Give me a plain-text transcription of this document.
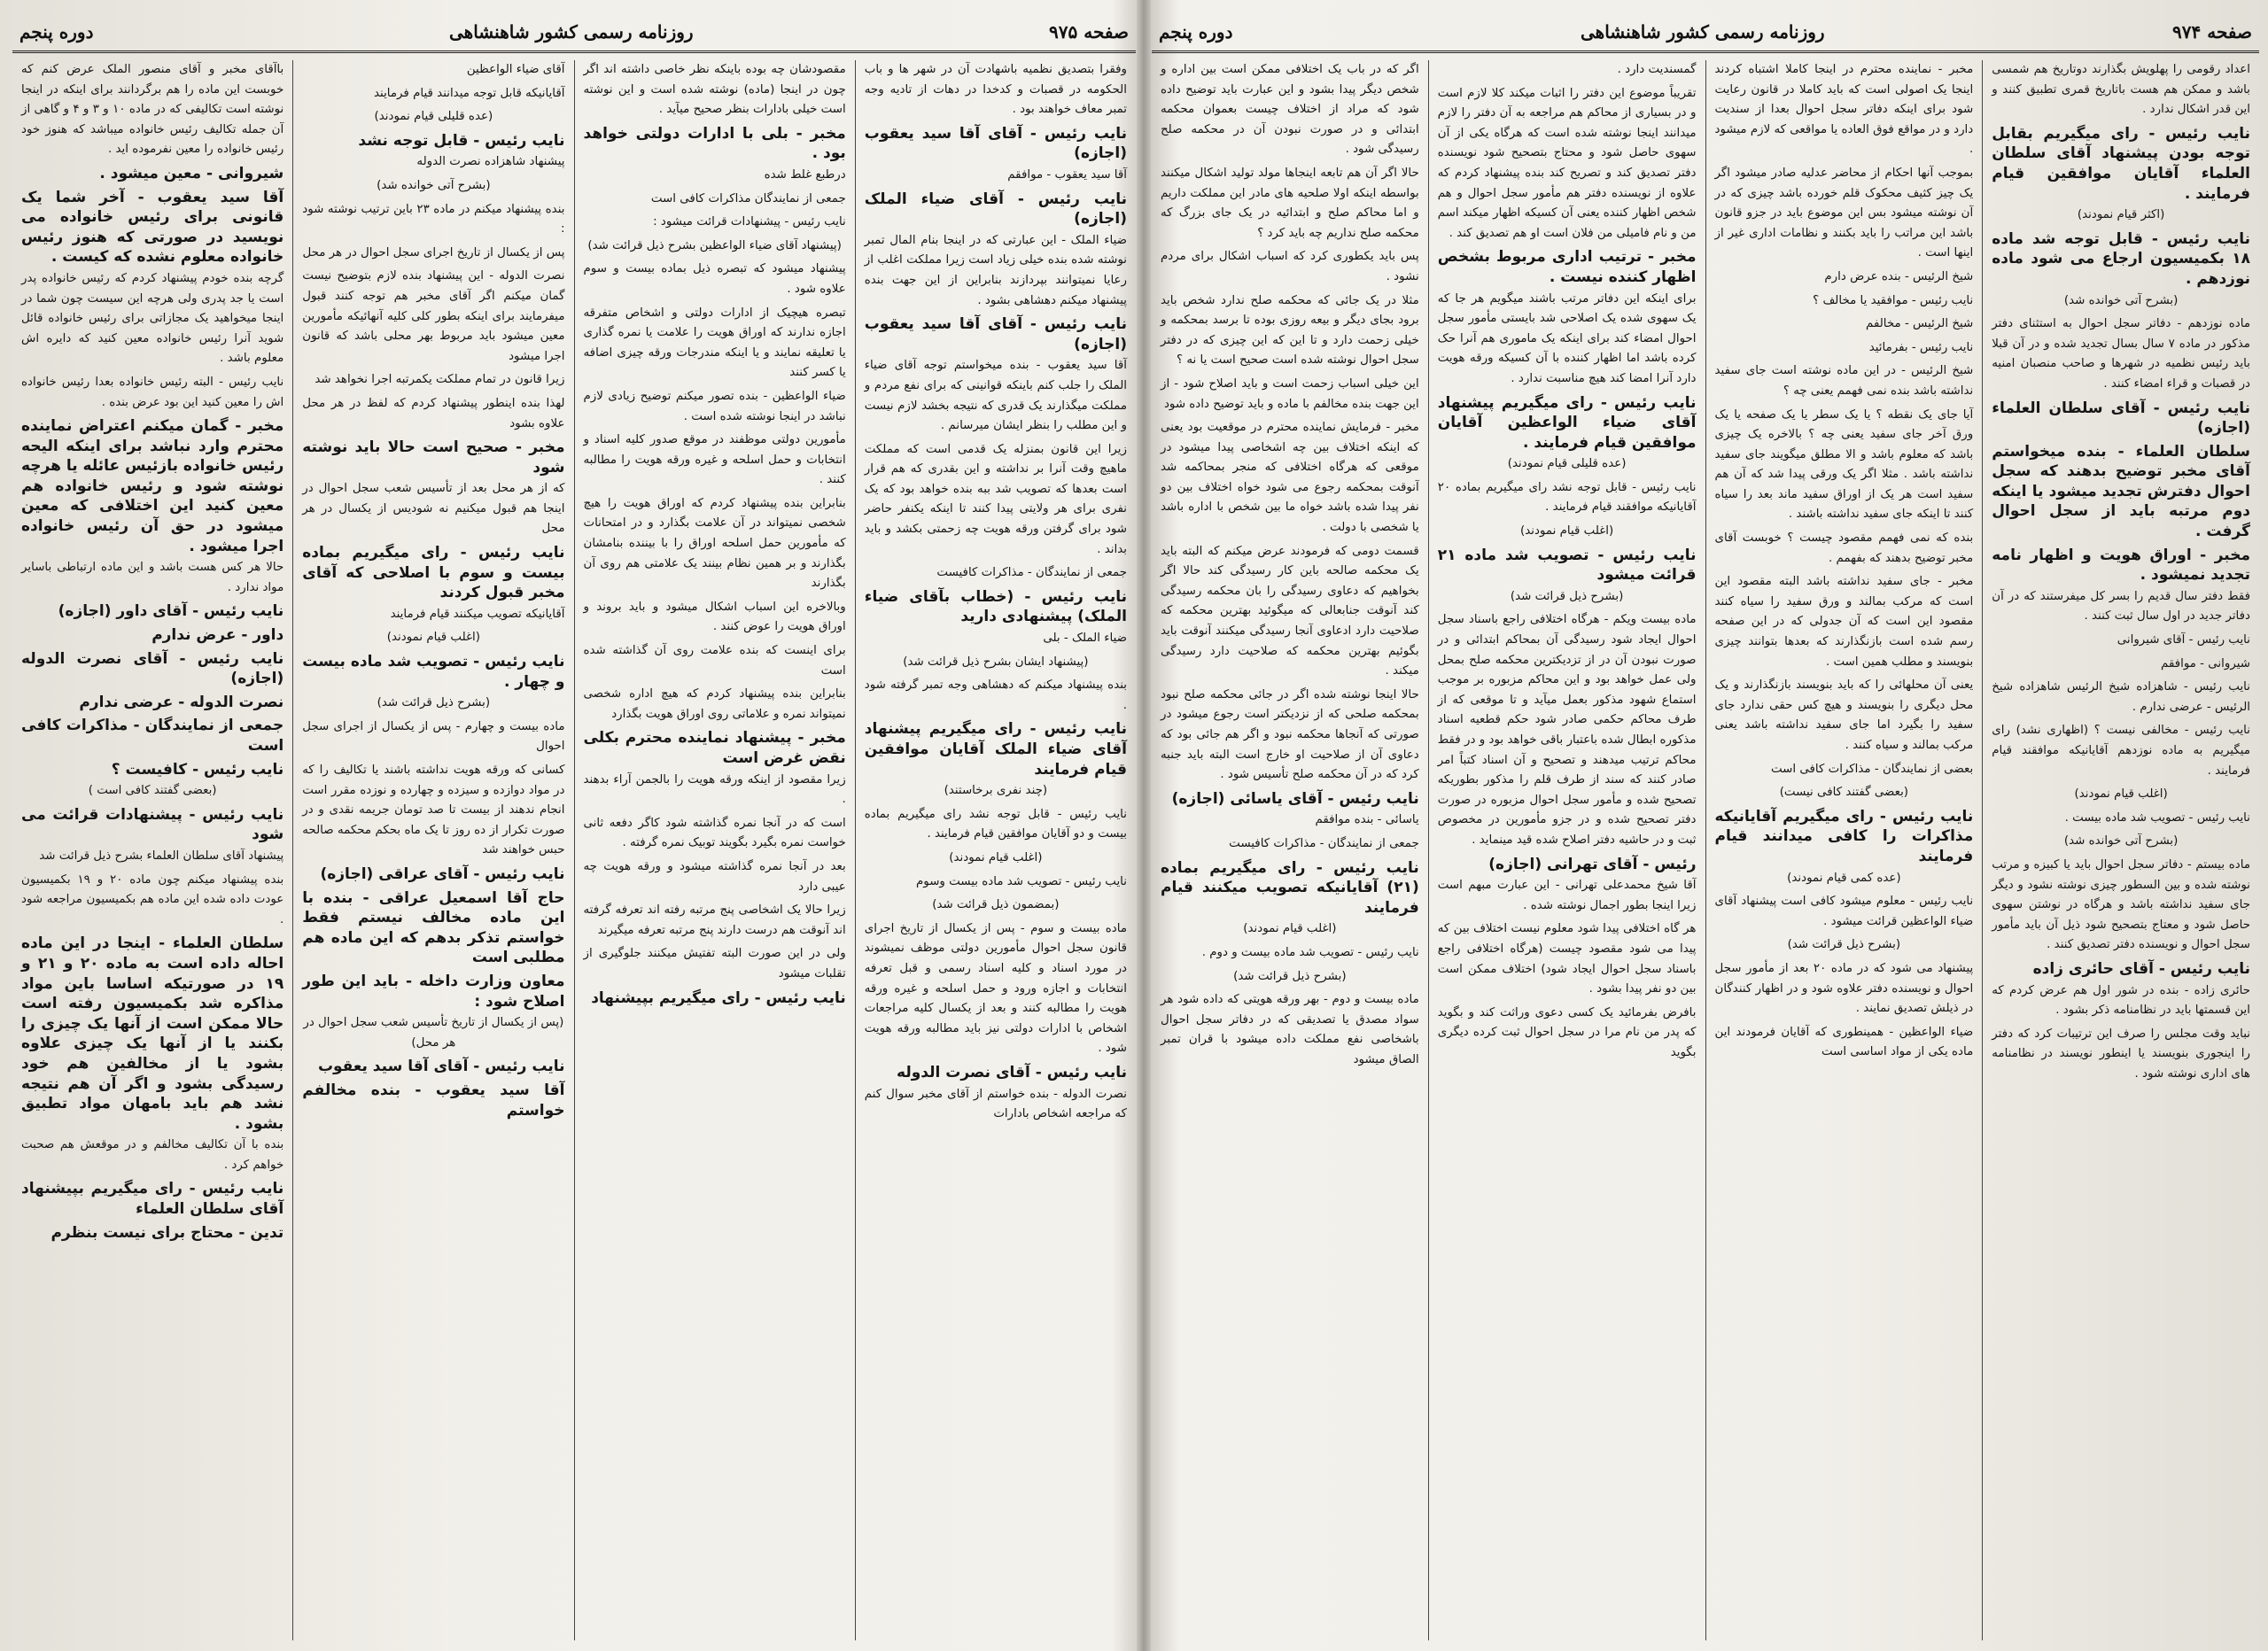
صفحه ۹۷۵
روزنامه رسمی کشور شاهنشاهی
دوره پنجم

وفقرا بتصدیق نظمیه باشهادت آن در شهر ها و باب الحکومه در قصبات و کدخدا در دهات از تادیه وجه تمبر معاف خواهند بود .

نایب رئیس - آقای آقا سید یعقوب (اجازه)

آقا سید یعقوب - موافقم

نایب رئیس - آقای ضیاء الملک (اجازه)

ضیاء الملک - این عبارتی که در اینجا بنام المال تمبر نوشته شده بنده خیلی زیاد است زیرا مملکت اغلب از رعایا نمیتوانند بپردازند بنابراین از این جهت بنده پیشنهاد میکنم دهشاهی بشود .

نایب رئیس - آقای آقا سید یعقوب (اجازه)

آقا سید یعقوب - بنده میخواستم توجه آقای ضیاء الملک را جلب کنم باینکه قوانینی که برای نفع مردم و مملکت میگذارند یک قدری که نتیجه بخشد لازم نیست و این مطلب را بنظر ایشان میرسانم .

زیرا این قانون بمنزله یک قدمی است که مملکت ماهیچ وقت آنرا بر نداشته و این بقدری که هم قرار است بعدها که تصویب شد ببه بنده خواهد بود که یک نفری برای هر ولایتی پیدا کنند تا اینکه یکنفر حاضر شود برای گرفتن ورقه هویت چه زحمتی بکشد و باید بداند .

جمعی از نمایندگان - مذاکرات کافیست

نایب رئیس - (خطاب بآقای ضیاء الملک) پیشنهادی دارید

ضیاء الملک - بلی

(پیشنهاد ایشان بشرح ذیل قرائت شد)

بنده پیشنهاد میکنم که دهشاهی وجه تمبر گرفته شود .

نایب رئیس - رای میگیریم پیشنهاد آقای ضیاء الملک آقایان موافقین قیام فرمایند

(چند نفری برخاستند)

نایب رئیس - قابل توجه نشد رای میگیریم بماده بیست و دو آقایان موافقین قیام فرمایند .

(اغلب قیام نمودند)

نایب رئیس - تصویب شد ماده بیست وسوم

(بمضمون ذیل قرائت شد)

ماده بیست و سوم - پس از یکسال از تاریخ اجرای قانون سجل احوال مأمورین دولتی موظف نمیشوند در مورد اسناد و کلیه اسناد رسمی و قبل تعرفه انتخابات و اجازه ورود و حمل اسلحه و غیره ورقه هویت را مطالبه کنند و بعد از یکسال کلیه مراجعات اشخاص با ادارات دولتی نیز باید مطالبه ورقه هویت شود .

نایب رئیس - آقای نصرت الدوله

نصرت الدوله - بنده خواستم از آقای مخبر سوال کنم که مراجعه اشخاص بادارات

مقصودشان چه بوده باینکه نظر خاصی داشته اند اگر چون در اینجا (ماده) نوشته شده است و این نوشته است خیلی بادارات بنظر صحیح میآید .

مخبر - بلی با ادارات دولتی خواهد بود .

درطبع غلط شده

جمعی از نمایندگان مذاکرات کافی است

نایب رئیس - پیشنهادات قرائت میشود :

(پیشنهاد آقای ضیاء الواعظین بشرح ذیل قرائت شد)

پیشنهاد میشود که تبصره ذیل بماده بیست و سوم علاوه شود .

تبصره هیچیک از ادارات دولتی و اشخاص متفرقه اجازه ندارند که اوراق هویت را علامت یا نمره گذاری یا تعلیقه نمایند و یا اینکه مندرجات ورقه چیزی اضافه یا کسر کنند

ضیاء الواعظین - بنده تصور میکنم توضیح زیادی لازم نباشد در اینجا نوشته شده است .

مأمورین دولتی موظفند در موقع صدور کلیه اسناد و انتخابات و حمل اسلحه و غیره ورقه هویت را مطالبه کنند .

بنابراین بنده پیشنهاد کردم که اوراق هویت را هیچ شخصی نمیتواند در آن علامت بگذارد و در امتحانات که مأمورین حمل اسلحه اوراق را با بیننده بنامشان بگذارند و بر همین نظام بینند یک علامتی هم روی آن بگذارند

وبالاخره این اسباب اشکال میشود و باید بروند و اوراق هویت را عوض کنند .

برای اینست که بنده علامت روی آن گذاشته شده است

بنابراین بنده پیشنهاد کردم که هیچ اداره شخصی نمیتواند نمره و علاماتی روی اوراق هویت بگذارد

مخبر - پیشنهاد نماینده محترم بکلی نقض غرض است

زیرا مقصود از اینکه ورقه هویت را بالجمن آراء بدهند .

است که در آنجا نمره گذاشته شود کاگر دفعه ثانی خواست نمره بگیرد بگویند توبیک نمره گرفته .

بعد در آنجا نمره گذاشته میشود و ورقه هویت چه عیبی دارد

زیرا حالا یک اشخاصی پنج مرتبه رفته اند تعرفه گرفته اند آنوقت هم درست دارند پنج مرتبه تعرفه میگیرند

ولی در این صورت البته تفتیش میکنند جلوگیری از تقلبات میشود

نایب رئیس - رای میگیریم بپیشنهاد

آقای ضیاء الواعظین

آقایانیکه قابل توجه میدانند قیام فرمایند

(عده قلیلی قیام نمودند)

نایب رئیس - قابل توجه نشد

پیشنهاد شاهزاده نصرت الدوله

(بشرح آتی خوانده شد)

بنده پیشنهاد میکنم در ماده ۲۳ باین ترتیب نوشته شود :

پس از یکسال از تاریخ اجرای سجل احوال در هر محل

نصرت الدوله - این پیشنهاد بنده لازم بتوضیح نیست گمان میکنم اگر آقای مخبر هم توجه کنند قبول میفرمایند برای اینکه بطور کلی کلیه آنهائیکه مأمورین معین میشود باید مربوط بهر محلی باشد که قانون اجرا میشود

زیرا قانون در تمام مملکت یکمرتبه اجرا نخواهد شد

لهذا بنده اینطور پیشنهاد کردم که لفظ در هر محل علاوه بشود

مخبر - صحیح است حالا باید نوشته شود

که از هر محل بعد از تأسیس شعب سجل احوال در اینجا هم قبول میکنیم نه شودیس از یکسال در هر محل

نایب رئیس - رای میگیریم بماده بیست و سوم با اصلاحی که آقای مخبر قبول کردند

آقایانیکه تصویب میکنند قیام فرمایند

(اغلب قیام نمودند)

نایب رئیس - تصویب شد ماده بیست و چهار .

(بشرح ذیل قرائت شد)

ماده بیست و چهارم - پس از یکسال از اجرای سجل احوال

کسانی که ورقه هویت نداشته باشند یا تکالیف را که در مواد دوازده و سیزده و چهارده و نوزده مقرر است انجام ندهند از بیست تا صد تومان جریمه نقدی و در صورت تکرار از ده روز تا یک ماه بحکم محکمه صالحه حبس خواهند شد

نایب رئیس - آقای عراقی (اجازه)

حاج آقا اسمعیل عراقی - بنده با این ماده مخالف نیستم فقط خواستم تذکر بدهم که این ماده هم مطلبی است

معاون وزارت داخله - باید این طور اصلاح شود :

(پس از یکسال از تاریخ تأسیس شعب سجل احوال در هر محل)

نایب رئیس - آقای آقا سید یعقوب

آقا سید یعقوب - بنده مخالفم خواستم

باآقای مخبر و آقای منصور الملک عرض کنم که خوبست این ماده را هم برگردانند برای اینکه در اینجا نوشته است تکالیفی که در ماده ۱۰ و ۳ و ۴ و گاهی از آن جمله تکالیف رئیس خانواده میباشد که هنوز خود رئیس خانواده را معین نفرموده اید .

شیروانی - معین میشود .

آقا سید یعقوب - آخر شما یک قانونی برای رئیس خانواده می نویسید در صورتی که هنوز رئیس خانواده معلوم نشده که کیست .

گرچه بنده خودم پیشنهاد کردم که رئیس خانواده پدر است یا جد پدری ولی هرچه این سیست چون شما در اینجا میخواهید یک مجازاتی برای رئیس خانواده قائل شوید آنرا رئیس خانواده معین کنید که دایره اش معلوم باشد .

نایب رئیس - البته رئیس خانواده بعدا رئیس خانواده اش را معین کنید این بود عرض بنده .

مخبر - گمان میکنم اعتراض نماینده محترم وارد نباشد برای اینکه الیحه رئیس خانواده بازئیس عائله یا هرچه نوشته شود و رئیس خانواده هم معین کنید این اختلافی که معین میشود در حق آن رئیس خانواده اجرا میشود .

حالا هر کس هست باشد و این ماده ارتباطی باسایر مواد ندارد .

نایب رئیس - آقای داور (اجازه)

داور - عرض ندارم

نایب رئیس - آقای نصرت الدوله (اجازه)

نصرت الدوله - عرضی ندارم

جمعی از نمایندگان - مذاکرات کافی است

نایب رئیس - کافیست ؟

(بعضی گفتند کافی است )

نایب رئیس - پیشنهادات قرائت می شود

پیشنهاد آقای سلطان العلماء بشرح ذیل قرائت شد

بنده پیشنهاد میکنم چون ماده ۲۰ و ۱۹ بکمیسیون عودت داده شده این ماده هم بکمیسیون مراجعه شود .

سلطان العلماء - اینجا در این ماده احاله داده است به ماده ۲۰ و ۲۱ و ۱۹ در صورتیکه اساسا باین مواد مذاکره شد بکمیسیون رفته است حالا ممکن است از آنها یک چیزی را بکنند یا از آنها یک چیزی علاوه بشود یا از مخالفین هم خود رسیدگی بشود و اگر آن هم نتیجه نشد هم باید بامهان مواد تطبیق بشود .

بنده با آن تکالیف مخالفم و در موقعش هم صحبت خواهم کرد .

نایب رئیس - رای میگیریم بپیشنهاد آقای سلطان العلماء

تدین - محتاج برای نیست بنظرم

صفحه ۹۷۴
روزنامه رسمی کشور شاهنشاهی
دوره پنجم

اعداد رقومی را پهلویش بگذارند دوتاریخ هم شمسی باشد و ممکن هم هست باتاریخ قمری تطبیق کنند و این قدر اشکال ندارد .

نایب رئیس - رای میگیریم بقابل توجه بودن پیشنهاد آقای سلطان العلماء آقایان موافقین قیام فرمایند .

(اکثر قیام نمودند)

نایب رئیس - قابل توجه شد ماده ۱۸ بکمیسیون ارجاع می شود ماده نوزدهم .

(بشرح آتی خوانده شد)

ماده نوزدهم - دفاتر سجل احوال به استثنای دفتر مذکور در ماده ۷ سال بسال تجدید شده و در آن قبلا باید رئیس نظمیه در شهرها و صاحب منصبان امنیه در قصبات و قراء امضاء کنند .

نایب رئیس - آقای سلطان العلماء (اجازه)

سلطان العلماء - بنده میخواستم آقای مخبر توضیح بدهند که سجل احوال دفترش تجدید میشود یا اینکه دوم مرتبه باید از سجل احوال گرفت .

مخبر - اوراق هویت و اظهار نامه تجدید نمیشود .

فقط دفتر سال قدیم را بسر کل میفرستند که در آن دفاتر جدید در اول سال ثبت کنند .

نایب رئیس - آقای شیروانی

شیروانی - موافقم

نایب رئیس - شاهزاده شیخ الرئیس شاهزاده شیخ الرئیس - عرضی ندارم .

نایب رئیس - مخالفی نیست ؟ (اظهاری نشد) رای میگیریم به ماده نوزدهم آقایانیکه موافقند قیام فرمایند .

(اغلب قیام نمودند)

نایب رئیس - تصویب شد ماده بیست .

(بشرح آتی خوانده شد)

ماده بیستم - دفاتر سجل احوال باید یا کبیزه و مرتب نوشته شده و بین السطور چیزی نوشته نشود و دیگر جای سفید نداشته باشد و هرگاه در نوشتن سهوی حاصل شود و معتاج بتصحیح شود ذیل آن باید مأمور سجل احوال و نویسنده دفتر تصدیق کنند .

نایب رئیس - آقای حائری زاده

حائری زاده - بنده در شور اول هم عرض کردم که این قسمتها باید در نظامنامه ذکر بشود .

نباید وقت مجلس را صرف این ترتیبات کرد که دفتر را اینجوری بنویسند یا اینطور نویسند در نظامنامه های اداری نوشته شود .

مخبر - نماینده محترم در اینجا کاملا اشتباه کردند اینجا یک اصولی است که باید کاملا در قانون رعایت شود برای اینکه دفاتر سجل احوال بعدا از سندیت دارد و در مواقع فوق العاده یا مواقعی که لازم میشود .

بموجب آنها احکام از محاضر عدلیه صادر میشود اگر یک چیز کثیف محکوک قلم خورده باشد چیزی که در آن نوشته میشود بس این موضوع باید در جزو قانون باشد این مراتب را باید بکنند و نظامات اداری غیر از اینها است .

شیخ الرئیس - بنده عرض دارم

نایب رئیس - موافقید یا مخالف ؟

شیخ الرئیس - مخالفم

نایب رئیس - بفرمائید

شیخ الرئیس - در این ماده نوشته است جای سفید نداشته باشد بنده نمی فهمم یعنی چه ؟

آیا جای یک نقطه ؟ یا یک سطر یا یک صفحه یا یک ورق آخر جای سفید یعنی چه ؟ بالاخره یک چیزی باشد که معلوم باشد و الا مطلق میگویند جای سفید نداشته باشد . مثلا اگر یک ورقی پیدا شد که آن هم سفید است هر یک از اوراق سفید ماند بعد را سیاه کنند تا اینکه جای سفید نداشته باشند .

بنده که نمی فهمم مقصود چیست ؟ خوبست آقای مخبر توضیح بدهند که بفهمم .

مخبر - جای سفید نداشته باشد البته مقصود این است که مرکب بمالند و ورق سفید را سیاه کنند مقصود این است که آن جدولی که در این صفحه رسم شده است بازنگذارند که بعدها بتوانند چیزی بنویسند و مطلب همین است .

یعنی آن محلهائی را که باید بنویسند بازنگذارند و یک محل دیگری را بنویسند و هیچ کس حقی ندارد جای سفید را بگیرد اما جای سفید نداشته باشد یعنی مرکب بمالند و سیاه کنند .

بعضی از نمایندگان - مذاکرات کافی است

(بعضی گفتند کافی نیست)

نایب رئیس - رای میگیریم آقایانیکه مذاکرات را کافی میدانند قیام فرمایند

(عده کمی قیام نمودند)

نایب رئیس - معلوم میشود کافی است پیشنهاد آقای ضیاء الواعظین قرائت میشود .

(بشرح ذیل قرائت شد)

پیشنهاد می شود که در ماده ۲۰ بعد از مأمور سجل احوال و نویسنده دفتر علاوه شود و در اظهار کنندگان در ذیلش تصدیق نمایند .

ضیاء الواعظین - همینطوری که آقایان فرمودند این ماده یکی از مواد اساسی است

گمسندیت دارد .

تقریباً موضوع این دفتر را اثبات میکند کلا لازم است و در بسیاری از محاکم هم مراجعه به آن دفتر را لازم میدانند اینجا نوشته شده است که هرگاه یکی از آن سهوی حاصل شود و محتاج بتصحیح شود نویسنده دفتر تصدیق کند و تصریح کند بنده پیشنهاد کردم که علاوه از نویسنده دفتر هم مأمور سجل احوال و هم شخص اظهار کننده یعنی آن کسیکه اظهار میکند اسم من و نام فامیلی من فلان است او هم تصدیق کند .

مخبر - ترتیب اداری مربوط بشخص اظهار کننده نیست .

برای اینکه این دفاتر مرتب باشند میگویم هر جا که یک سهوی شده یک اصلاحی شد بایستی مأمور سجل احوال امضاء کند برای اینکه یک ماموری هم آنرا حک کرده باشد اما اظهار کننده با آن کسیکه ورقه هویت دارد آنرا امضا کند هیچ مناسبت ندارد .

نایب رئیس - رای میگیریم پیشنهاد آقای ضیاء الواعظین آقایان موافقین قیام فرمایند .

(عده قلیلی قیام نمودند)

نایب رئیس - قابل توجه نشد رای میگیریم بماده ۲۰ آقایانیکه موافقند قیام فرمایند .

(اغلب قیام نمودند)

نایب رئیس - تصویب شد ماده ۲۱ قرائت میشود

(بشرح ذیل قرائت شد)

ماده بیست ویکم - هرگاه اختلافی راجع باسناد سجل احوال ایجاد شود رسیدگی آن بمحاکم ابتدائی و در صورت نبودن آن در از تزدیکترین محکمه صلح بمحل ولی عمل خواهد بود و این محاکم مزبوره بر موجب استماع شهود مذکور بعمل میآید و تا موقعی که از طرف محاکم حکمی صادر شود حکم قطعیه اسناد مذکوره ابطال شده باعتبار باقی خواهد بود و در فقط محاکم ترتیب میدهند و تصحیح و آن اسناد کتباً امر صادر کنند که سند از طرف قلم را مذکور بطوریکه تصحیح شده و مأمور سجل احوال مزبوره در صورت دفتر تصحیح شده و در جزو مأمورین در مخصوص ثبت و در حاشیه دفتر اصلاح شده قید مینماید .

رئیس - آقای تهرانی (اجازه)

آقا شیخ محمدعلی تهرانی - این عبارت مبهم است زیرا اینجا بطور اجمال نوشته شده .

هر گاه اختلافی پیدا شود معلوم نیست اختلاف بین که پیدا می شود مقصود چیست (هرگاه اختلافی راجع باسناد سجل احوال ایجاد شود) اختلاف ممکن است بین دو نفر پیدا بشود .

بافرض بفرمائید یک کسی دعوی وراثت کند و بگوید که پدر من نام مرا در سجل احوال ثبت کرده دیگری بگوید

اگر که در باب یک اختلافی ممکن است بین اداره و شخص دیگر پیدا بشود و این عبارت باید توضیح داده شود که مراد از اختلاف چیست بعموان محکمه ابتدائی و در صورت نبودن آن در محکمه صلح رسیدگی شود .

حالا اگر آن هم تابعه اینجاها مولد تولید اشکال میکنند بواسطه اینکه اولا صلحیه های مادر این مملکت داریم و اما محاکم صلح و ابتدائیه در یک جای بزرگ که محکمه صلح نداریم چه باید کرد ؟

پس باید یکطوری کرد که اسباب اشکال برای مردم نشود .

مثلا در یک جائی که محکمه صلح ندارد شخص باید برود بجای دیگر و بیعه روزی بوده تا برسد بمحکمه و خیلی زحمت دارد و تا این که این چیزی که در دفتر سجل احوال نوشته شده است صحیح است یا نه ؟

این خیلی اسباب زحمت است و باید اصلاح شود - از این جهت بنده مخالفم با ماده و باید توضیح داده شود

مخبر - فرمایش نماینده محترم در موقعیت بود یعنی که اینکه اختلاف بین چه اشخاصی پیدا میشود در موقعی که هرگاه اختلافی که منجر بمحاکمه شد آنوقت بمحکمه رجوع می شود خواه اختلاف بین دو نفر پیدا شده باشد خواه ما بین شخص با اداره باشد یا شخصی با دولت .

قسمت دومی که فرمودند عرض میکنم که البته باید یک محکمه صالحه باین کار رسیدگی کند حالا اگر بخواهیم که دعاوی رسیدگی را بان محکمه رسیدگی کند آنوقت جنابعالی که میگوئید بهترین محکمه که صلاحیت دارد ادعاوی آنجا رسیدگی میکنند آنوقت باید بگوئیم بهترین محکمه که صلاحیت دارد رسیدگی میکند .

حالا اینجا نوشته شده اگر در جائی محکمه صلح نبود بمحکمه صلحی که از نزدیکتر است رجوع میشود در صورتی که آنجاها محکمه نبود و اگر هم جائی بود که دعاوی آن از صلاحیت او خارج است البته باید جنبه کرد که در آن محکمه صلح تأسیس شود .

نایب رئیس - آقای یاسائی (اجازه)

یاسائی - بنده موافقم

جمعی از نمایندگان - مذاکرات کافیست

نایب رئیس - رای میگیریم بماده (۲۱) آقایانیکه تصویب میکنند قیام فرمایند

(اغلب قیام نمودند)

نایب رئیس - تصویب شد ماده بیست و دوم .

(بشرح ذیل قرائت شد)

ماده بیست و دوم - بهر ورقه هویتی که داده شود هر سواد مصدق یا تصدیقی که در دفاتر سجل احوال باشخاصی نفع مملکت داده میشود با قران تمبر الصاق میشود
